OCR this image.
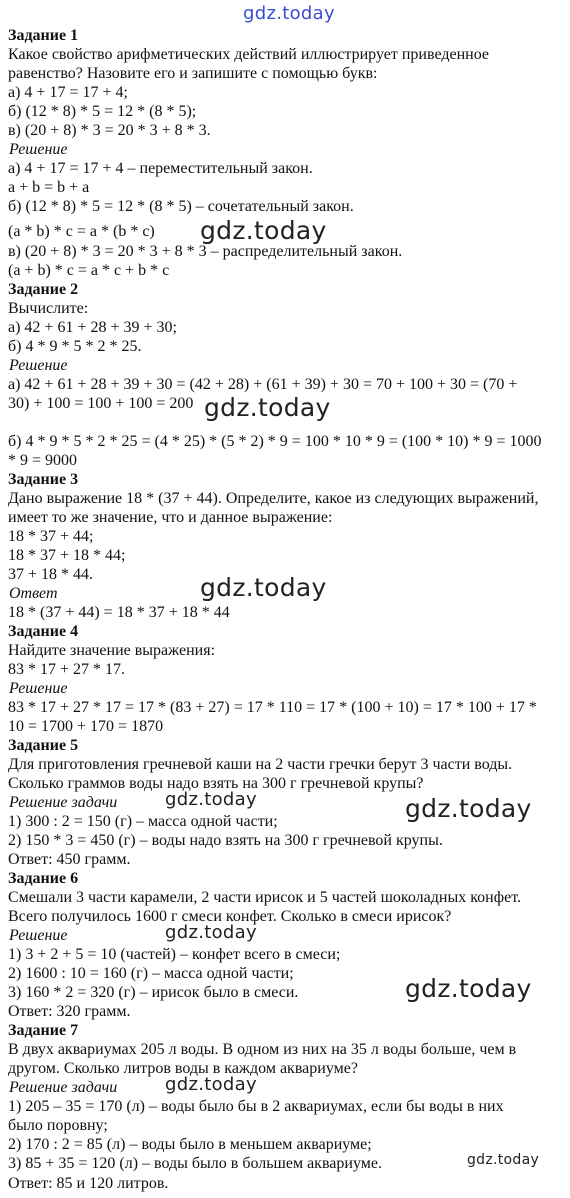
Задание 1
Какое свойство арифметических действий иллюстрирует приведенное
равенство? Назовите его и запишите с помощью букв:
а) 4 + 17 = 17 + 4;
б) (12 * 8) * 5 = 12 * (8 * 5);
в) (20 + 8) * 3 = 20 * 3 + 8 * 3.
Решение
а) 4 + 17 = 17 + 4 – переместительный закон.
a + b = b + a
б) (12 * 8) * 5 = 12 * (8 * 5) – сочетательный закон.
(a * b) * c = a * (b * c)
в) (20 + 8) * 3 = 20 * 3 + 8 * 3 – распределительный закон.
(a + b) * c = a * c + b * c
Задание 2
Вычислите:
а) 42 + 61 + 28 + 39 + 30;
б) 4 * 9 * 5 * 2 * 25.
Решение
а) 42 + 61 + 28 + 39 + 30 = (42 + 28) + (61 + 39) + 30 = 70 + 100 + 30 = (70 +
30) + 100 = 100 + 100 = 200
б) 4 * 9 * 5 * 2 * 25 = (4 * 25) * (5 * 2) * 9 = 100 * 10 * 9 = (100 * 10) * 9 = 1000
* 9 = 9000
Задание 3
Дано выражение 18 * (37 + 44). Определите, какое из следующих выражений,
имеет то же значение, что и данное выражение:
18 * 37 + 44;
18 * 37 + 18 * 44;
37 + 18 * 44.
Ответ
18 * (37 + 44) = 18 * 37 + 18 * 44
Задание 4
Найдите значение выражения:
83 * 17 + 27 * 17.
Решение
83 * 17 + 27 * 17 = 17 * (83 + 27) = 17 * 110 = 17 * (100 + 10) = 17 * 100 + 17 *
10 = 1700 + 170 = 1870
Задание 5
Для приготовления гречневой каши на 2 части гречки берут 3 части воды.
Сколько граммов воды надо взять на 300 г гречневой крупы?
Решение задачи
1) 300 : 2 = 150 (г) – масса одной части;
2) 150 * 3 = 450 (г) – воды надо взять на 300 г гречневой крупы.
Ответ: 450 грамм.
Задание 6
Смешали 3 части карамели, 2 части ирисок и 5 частей шоколадных конфет.
Всего получилось 1600 г смеси конфет. Сколько в смеси ирисок?
Решение
1) 3 + 2 + 5 = 10 (частей) – конфет всего в смеси;
2) 1600 : 10 = 160 (г) – масса одной части;
3) 160 * 2 = 320 (г) – ирисок было в смеси.
Ответ: 320 грамм.
Задание 7
В двух аквариумах 205 л воды. В одном из них на 35 л воды больше, чем в
другом. Сколько литров воды в каждом аквариуме?
Решение задачи
1) 205 – 35 = 170 (л) – воды было бы в 2 аквариумах, если бы воды в них
было поровну;
2) 170 : 2 = 85 (л) – воды было в меньшем аквариуме;
3) 85 + 35 = 120 (л) – воды было в большем аквариуме.
Ответ: 85 и 120 литров.
gdz.today
gdz.today
gdz.today
gdz.today
gdz.today	gdz.today
gdz.today
gdz.today
gdz.today
gdz.today
